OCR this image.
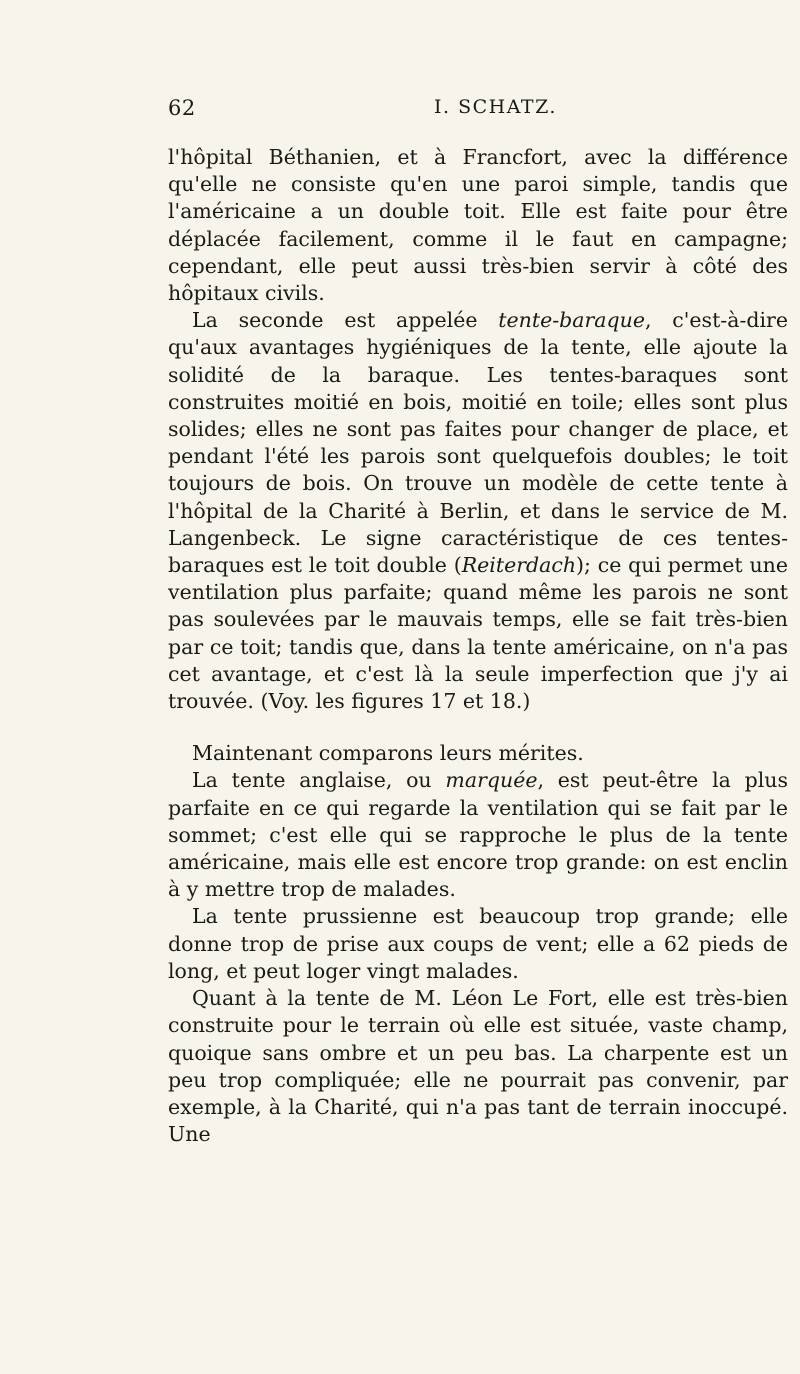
62	I. SCHATZ.

l'hôpital Béthanien, et à Francfort, avec la différence qu'elle ne consiste qu'en une paroi simple, tandis que l'américaine a un double toit. Elle est faite pour être déplacée facilement, comme il le faut en campagne; cependant, elle peut aussi très-bien servir à côté des hôpitaux civils.

La seconde est appelée tente-baraque, c'est-à-dire qu'aux avantages hygiéniques de la tente, elle ajoute la solidité de la baraque. Les tentes-baraques sont construites moitié en bois, moitié en toile; elles sont plus solides; elles ne sont pas faites pour changer de place, et pendant l'été les parois sont quelquefois doubles; le toit toujours de bois. On trouve un modèle de cette tente à l'hôpital de la Charité à Berlin, et dans le service de M. Langenbeck. Le signe caractéristique de ces tentes-baraques est le toit double (Reiterdach); ce qui permet une ventilation plus parfaite; quand même les parois ne sont pas soulevées par le mauvais temps, elle se fait très-bien par ce toit; tandis que, dans la tente américaine, on n'a pas cet avantage, et c'est là la seule imperfection que j'y ai trouvée. (Voy. les figures 17 et 18.)

Maintenant comparons leurs mérites.

La tente anglaise, ou marquée, est peut-être la plus parfaite en ce qui regarde la ventilation qui se fait par le sommet; c'est elle qui se rapproche le plus de la tente américaine, mais elle est encore trop grande: on est enclin à y mettre trop de malades.

La tente prussienne est beaucoup trop grande; elle donne trop de prise aux coups de vent; elle a 62 pieds de long, et peut loger vingt malades.

Quant à la tente de M. Léon Le Fort, elle est très-bien construite pour le terrain où elle est située, vaste champ, quoique sans ombre et un peu bas. La charpente est un peu trop compliquée; elle ne pourrait pas convenir, par exemple, à la Charité, qui n'a pas tant de terrain inoccupé. Une
